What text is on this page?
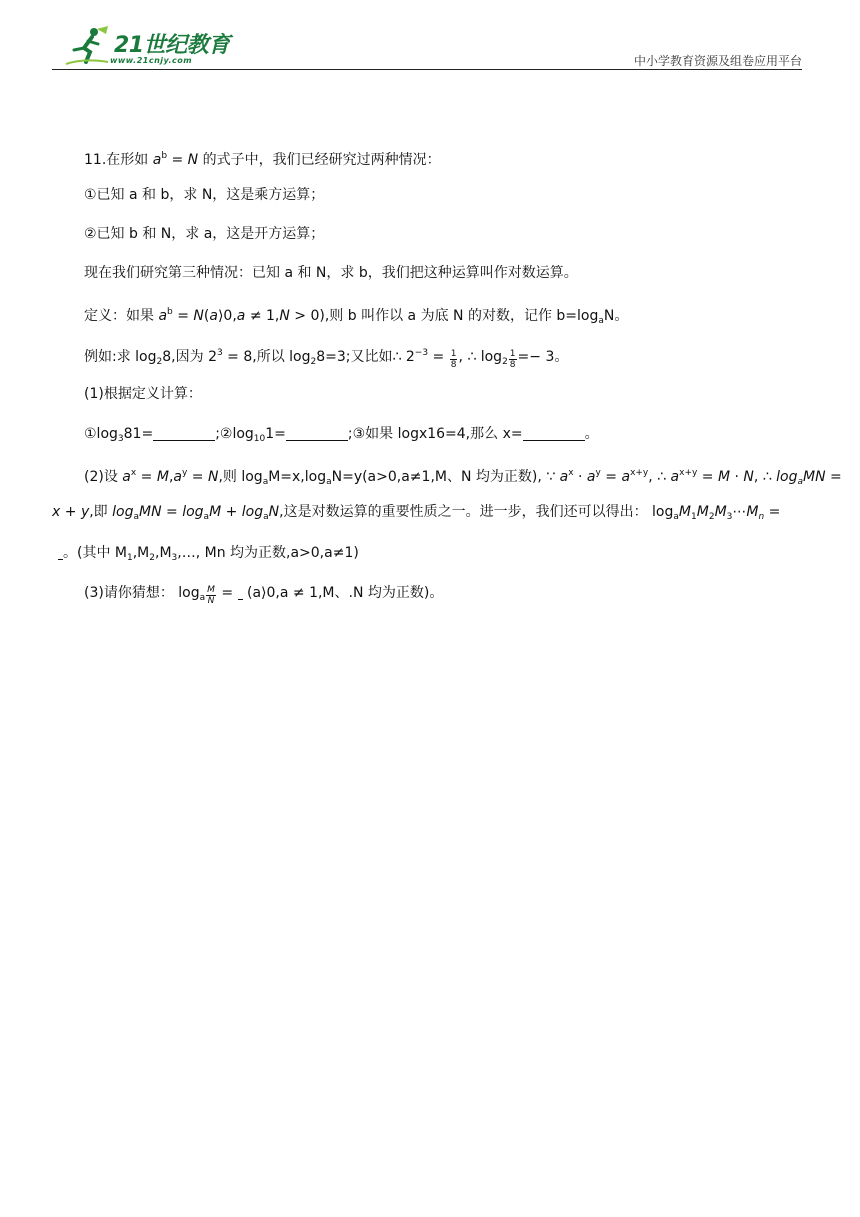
21世纪教育
www.21cnjy.com	中小学教育资源及组卷应用平台
11.在形如 $a^b = N$ 的式子中，我们已经研究过两种情况：
①已知 a 和 b，求 N，这是乘方运算；
②已知 b 和 N，求 a，这是开方运算；
现在我们研究第三种情况：已知 a 和 N，求 b，我们把这种运算叫作对数运算。
定义：如果 $a^b$ = N(a⟩0,a ≠ 1,N > 0),则 b 叫作以 a 为底 N 的对数，记作 $b=\log_aN$。
例如:求 $\log_28$,因为 $2^3 = 8$,所以 $\log_28=3$;又比如∴ $2^{-3} = \frac{1}{8}$ , ∴ $\log_2 \frac{1}{8} =- 3$。
(1)根据定义计算：
$①\log_381=$	$;②\log_{10}1=$	;③如果 logx16=4,那么 x=	。
(2)设 $a^x = M,a^y = N$,则 $\log_aM=x,\log_aN=y(a>0,a\ne 1,M$、N 均为正数), ∵ $a^x \cdot a^y = a^{x+y}$, ∴ $a^{x+y} = M \cdot N$, ∴ $\log_aMN$ =
x + y,即 $\log_aMN = \log_aM + \log_aN$,这是对数运算的重要性质之一。进一步，我们还可以得出： $\log_aM_1M_2M_3\cdots M_n$ =
。(其中 $M_1,M_2,M_3,\dots$, Mn 均为正数,a>0,a≠1)
(3)请你猜想： $\log_a \frac{M}{N}$ =  (a⟩0,a ≠ 1,M、.N 均为正数)。
